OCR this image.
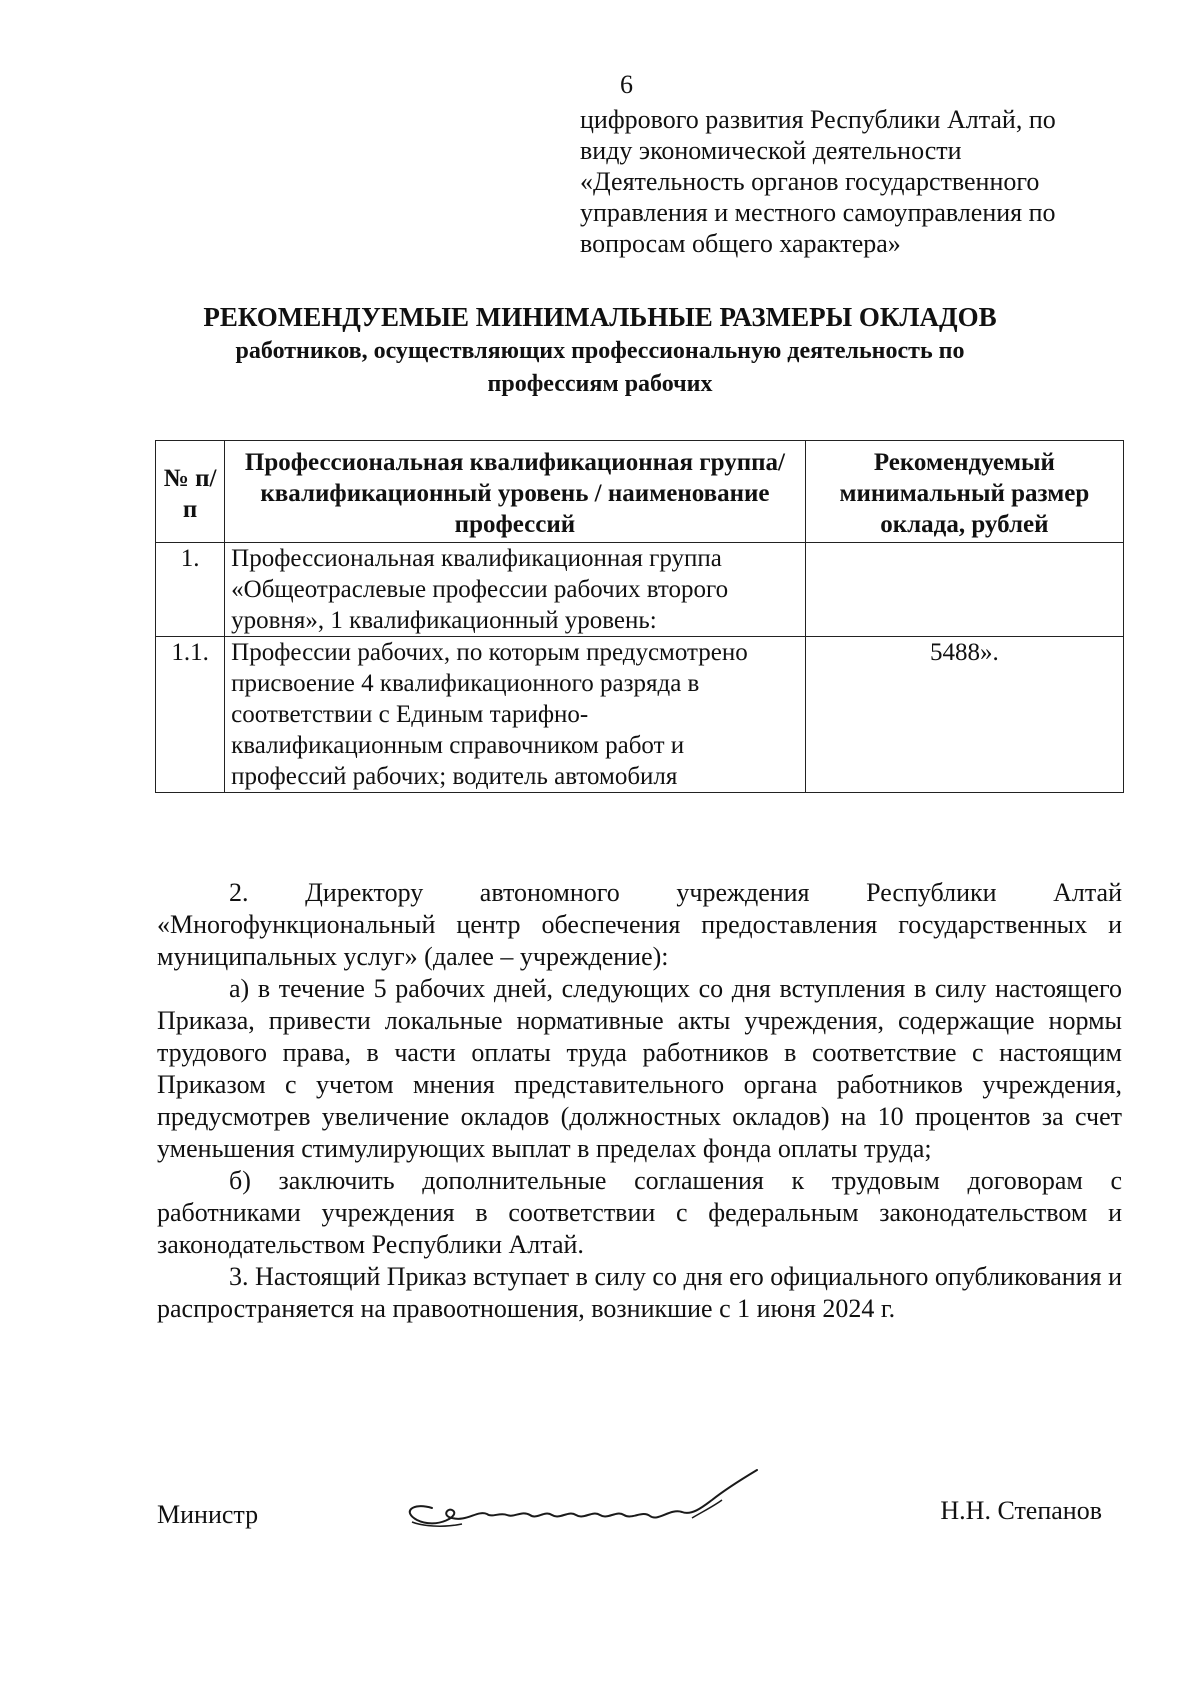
6
цифрового развития Республики Алтай, по
виду экономической деятельности
«Деятельность органов государственного
управления и местного самоуправления по
вопросам общего характера»
РЕКОМЕНДУЕМЫЕ МИНИМАЛЬНЫЕ РАЗМЕРЫ ОКЛАДОВ
работников, осуществляющих профессиональную деятельность по
профессиям рабочих
№ п/п	Профессиональная квалификационная группа/квалификационный уровень / наименование профессий	Рекомендуемый минимальный размер оклада, рублей
1.	Профессиональная квалификационная группа «Общеотраслевые профессии рабочих второго уровня», 1 квалификационный уровень:	
1.1.	Профессии рабочих, по которым предусмотрено присвоение 4 квалификационного разряда в соответствии с Единым тарифно-квалификационным справочником работ и профессий рабочих; водитель автомобиля	5488».

2. Директору автономного учреждения Республики Алтай «Многофункциональный центр обеспечения предоставления государственных и муниципальных услуг» (далее – учреждение):

а) в течение 5 рабочих дней, следующих со дня вступления в силу настоящего Приказа, привести локальные нормативные акты учреждения, содержащие нормы трудового права, в части оплаты труда работников в соответствие с настоящим Приказом с учетом мнения представительного органа работников учреждения, предусмотрев увеличение окладов (должностных окладов) на 10 процентов за счет уменьшения стимулирующих выплат в пределах фонда оплаты труда;

б) заключить дополнительные соглашения к трудовым договорам с работниками учреждения в соответствии с федеральным законодательством и законодательством Республики Алтай.

3. Настоящий Приказ вступает в силу со дня его официального опубликования и распространяется на правоотношения, возникшие с 1 июня 2024 г.

Министр	Н.Н. Степанов
